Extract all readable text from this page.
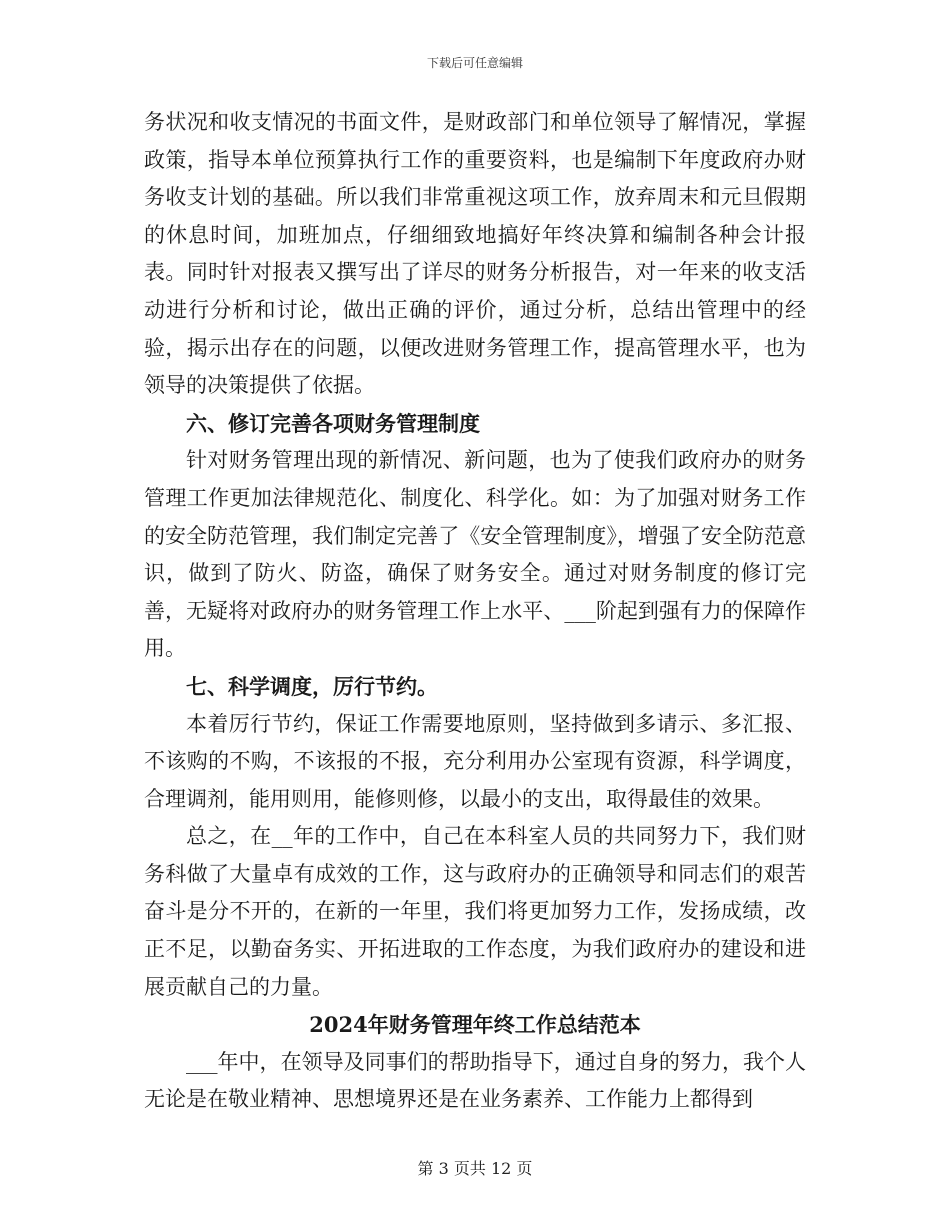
下载后可任意编辑

务状况和收支情况的书面文件，是财政部门和单位领导了解情况，掌握政策，指导本单位预算执行工作的重要资料，也是编制下年度政府办财务收支计划的基础。所以我们非常重视这项工作，放弃周末和元旦假期的休息时间，加班加点，仔细细致地搞好年终决算和编制各种会计报表。同时针对报表又撰写出了详尽的财务分析报告，对一年来的收支活动进行分析和讨论，做出正确的评价，通过分析，总结出管理中的经验，揭示出存在的问题，以便改进财务管理工作，提高管理水平，也为领导的决策提供了依据。

六、修订完善各项财务管理制度

针对财务管理出现的新情况、新问题，也为了使我们政府办的财务管理工作更加法律规范化、制度化、科学化。如：为了加强对财务工作的安全防范管理，我们制定完善了《安全管理制度》，增强了安全防范意识，做到了防火、防盗，确保了财务安全。通过对财务制度的修订完善，无疑将对政府办的财务管理工作上水平、___阶起到强有力的保障作用。

七、科学调度，厉行节约。

本着厉行节约，保证工作需要地原则，坚持做到多请示、多汇报、不该购的不购，不该报的不报，充分利用办公室现有资源，科学调度，合理调剂，能用则用，能修则修，以最小的支出，取得最佳的效果。

总之，在__年的工作中，自己在本科室人员的共同努力下，我们财务科做了大量卓有成效的工作，这与政府办的正确领导和同志们的艰苦奋斗是分不开的，在新的一年里，我们将更加努力工作，发扬成绩，改正不足，以勤奋务实、开拓进取的工作态度，为我们政府办的建设和进展贡献自己的力量。

2024年财务管理年终工作总结范本

___年中，在领导及同事们的帮助指导下，通过自身的努力，我个人无论是在敬业精神、思想境界还是在业务素养、工作能力上都得到

第 3 页共 12 页
